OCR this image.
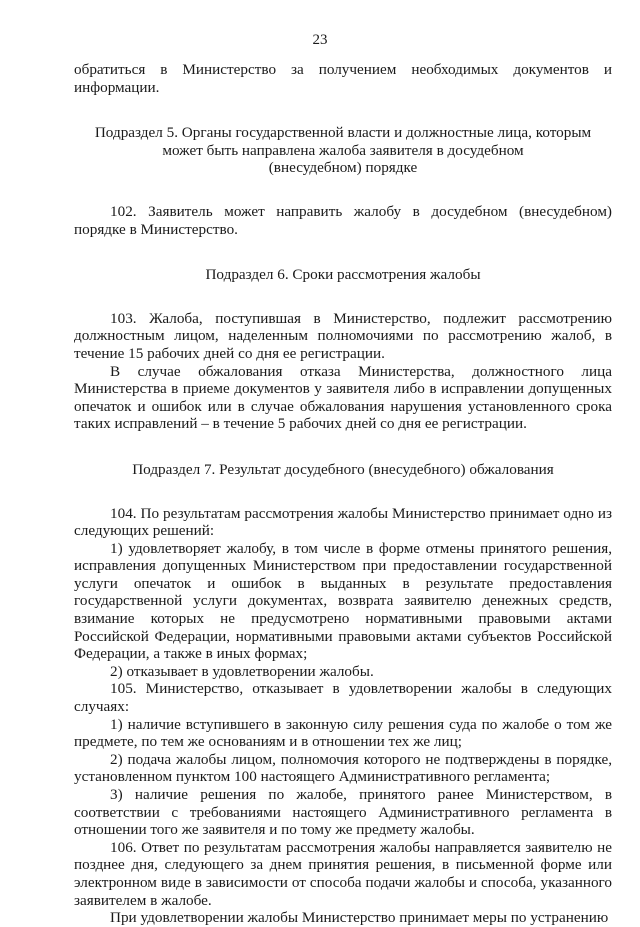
23

обратиться в Министерство за получением необходимых документов и информации.

Подраздел 5. Органы государственной власти и должностные лица, которым
может быть направлена жалоба заявителя в досудебном
(внесудебном) порядке

102. Заявитель может направить жалобу в досудебном (внесудебном) порядке в Министерство.

Подраздел 6. Сроки рассмотрения жалобы

103. Жалоба, поступившая в Министерство, подлежит рассмотрению должностным лицом, наделенным полномочиями по рассмотрению жалоб, в течение 15 рабочих дней со дня ее регистрации.

В случае обжалования отказа Министерства, должностного лица Министерства в приеме документов у заявителя либо в исправлении допущенных опечаток и ошибок или в случае обжалования нарушения установленного срока таких исправлений – в течение 5 рабочих дней со дня ее регистрации.

Подраздел 7. Результат досудебного (внесудебного) обжалования

104. По результатам рассмотрения жалобы Министерство принимает одно из следующих решений:

1) удовлетворяет жалобу, в том числе в форме отмены принятого решения, исправления допущенных Министерством при предоставлении государственной услуги опечаток и ошибок в выданных в результате предоставления государственной услуги документах, возврата заявителю денежных средств, взимание которых не предусмотрено нормативными правовыми актами Российской Федерации, нормативными правовыми актами субъектов Российской Федерации, а также в иных формах;

2) отказывает в удовлетворении жалобы.

105. Министерство, отказывает в удовлетворении жалобы в следующих случаях:

1) наличие вступившего в законную силу решения суда по жалобе о том же предмете, по тем же основаниям и в отношении тех же лиц;

2) подача жалобы лицом, полномочия которого не подтверждены в порядке, установленном пунктом 100 настоящего Административного регламента;

3) наличие решения по жалобе, принятого ранее Министерством, в соответствии с требованиями настоящего Административного регламента в отношении того же заявителя и по тому же предмету жалобы.

106. Ответ по результатам рассмотрения жалобы направляется заявителю не позднее дня, следующего за днем принятия решения, в письменной форме или электронном виде в зависимости от способа подачи жалобы и способа, указанного заявителем в жалобе.

При удовлетворении жалобы Министерство принимает меры по устранению
